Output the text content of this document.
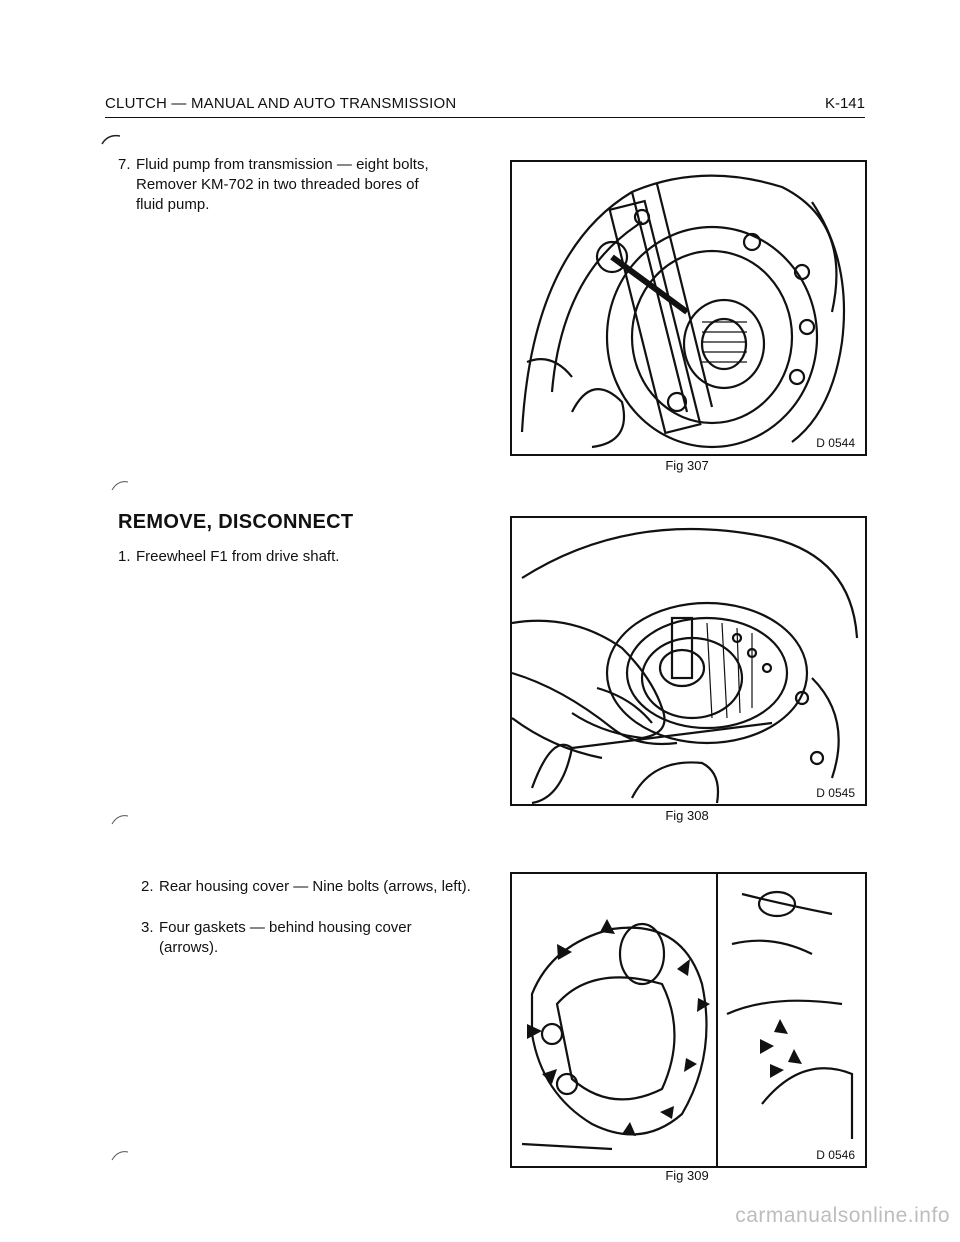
CLUTCH — MANUAL AND AUTO TRANSMISSION	K-141
7. Fluid pump from transmission — eight bolts, Remover KM-702 in two threaded bores of fluid pump.
REMOVE, DISCONNECT
1. Freewheel F1 from drive shaft.
2. Rear housing cover — Nine bolts (arrows, left).
3. Four gaskets — behind housing cover (arrows).
D 0544
Fig 307
D 0545
Fig 308
D 0546
Fig 309
carmanualsonline.info
